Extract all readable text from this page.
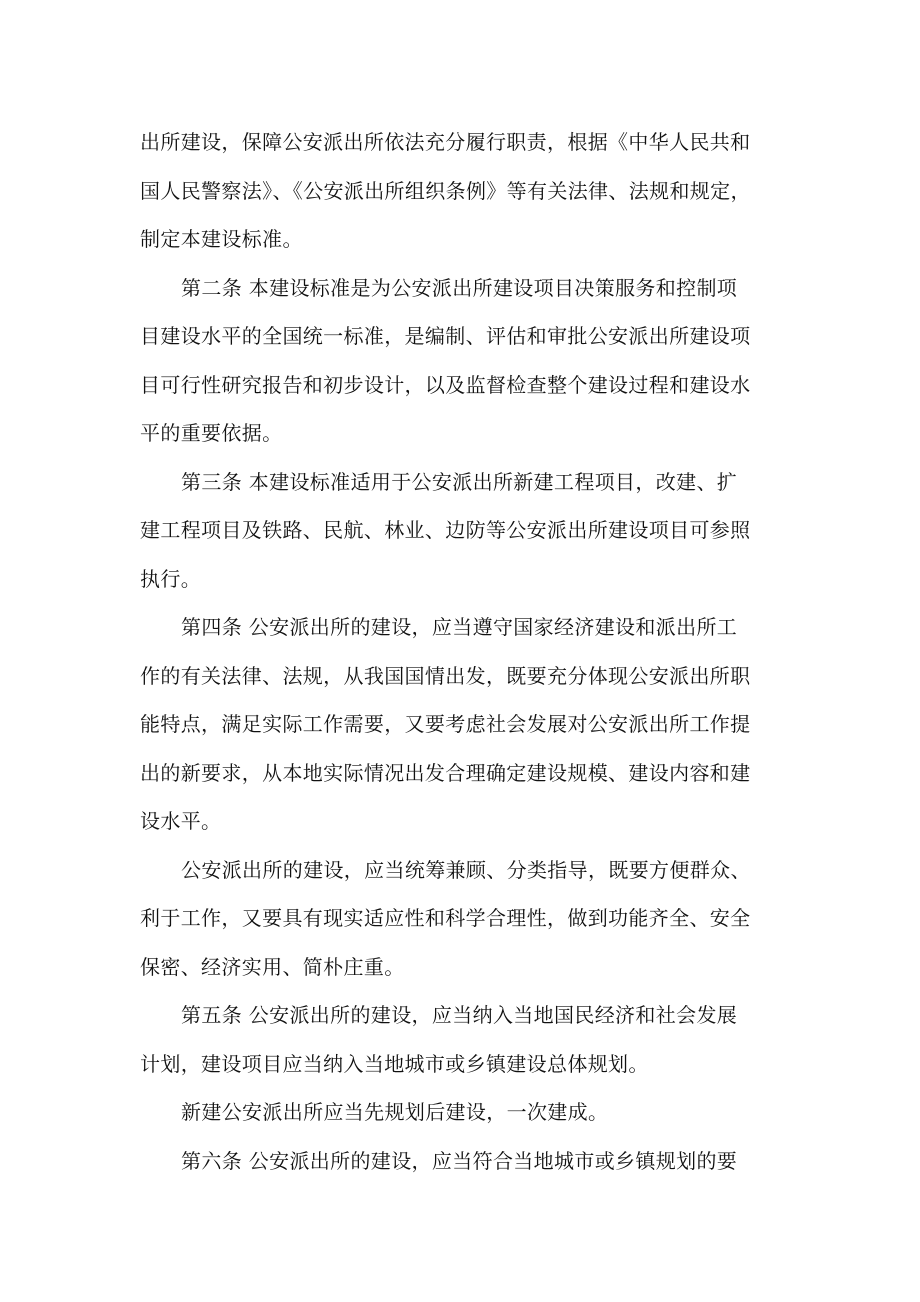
出所建设，保障公安派出所依法充分履行职责，根据《中华人民共和
国人民警察法》、《公安派出所组织条例》等有关法律、法规和规定，
制定本建设标准。
第二条 本建设标准是为公安派出所建设项目决策服务和控制项
目建设水平的全国统一标准，是编制、评估和审批公安派出所建设项
目可行性研究报告和初步设计，以及监督检查整个建设过程和建设水
平的重要依据。
第三条 本建设标准适用于公安派出所新建工程项目，改建、扩
建工程项目及铁路、民航、林业、边防等公安派出所建设项目可参照
执行。
第四条 公安派出所的建设，应当遵守国家经济建设和派出所工
作的有关法律、法规，从我国国情出发，既要充分体现公安派出所职
能特点，满足实际工作需要，又要考虑社会发展对公安派出所工作提
出的新要求，从本地实际情况出发合理确定建设规模、建设内容和建
设水平。
公安派出所的建设，应当统筹兼顾、分类指导，既要方便群众、
利于工作，又要具有现实适应性和科学合理性，做到功能齐全、安全
保密、经济实用、简朴庄重。
第五条 公安派出所的建设，应当纳入当地国民经济和社会发展
计划，建设项目应当纳入当地城市或乡镇建设总体规划。
新建公安派出所应当先规划后建设，一次建成。
第六条 公安派出所的建设，应当符合当地城市或乡镇规划的要
